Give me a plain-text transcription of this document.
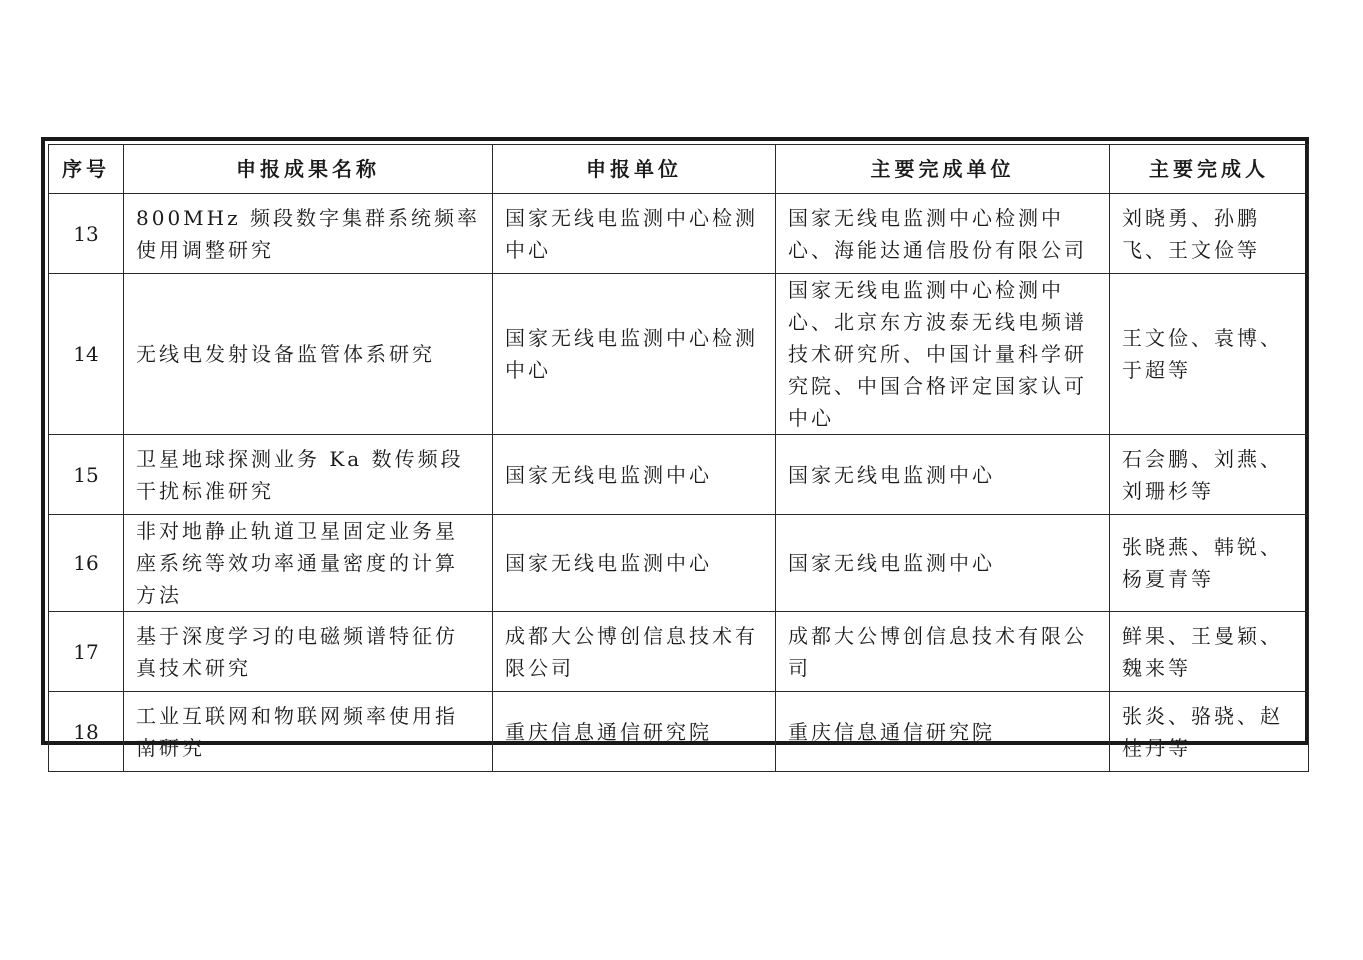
序号	申报成果名称	申报单位	主要完成单位	主要完成人
13	800MHz 频段数字集群系统频率使用调整研究	国家无线电监测中心检测中心	国家无线电监测中心检测中心、海能达通信股份有限公司	刘晓勇、孙鹏飞、王文俭等
14	无线电发射设备监管体系研究	国家无线电监测中心检测中心	国家无线电监测中心检测中心、北京东方波泰无线电频谱技术研究所、中国计量科学研究院、中国合格评定国家认可中心	王文俭、袁博、于超等
15	卫星地球探测业务 Ka 数传频段干扰标准研究	国家无线电监测中心	国家无线电监测中心	石会鹏、刘燕、刘珊杉等
16	非对地静止轨道卫星固定业务星座系统等效功率通量密度的计算方法	国家无线电监测中心	国家无线电监测中心	张晓燕、韩锐、杨夏青等
17	基于深度学习的电磁频谱特征仿真技术研究	成都大公博创信息技术有限公司	成都大公博创信息技术有限公司	鲜果、王曼颖、魏来等
18	工业互联网和物联网频率使用指南研究	重庆信息通信研究院	重庆信息通信研究院	张炎、骆骁、赵桂丹等
